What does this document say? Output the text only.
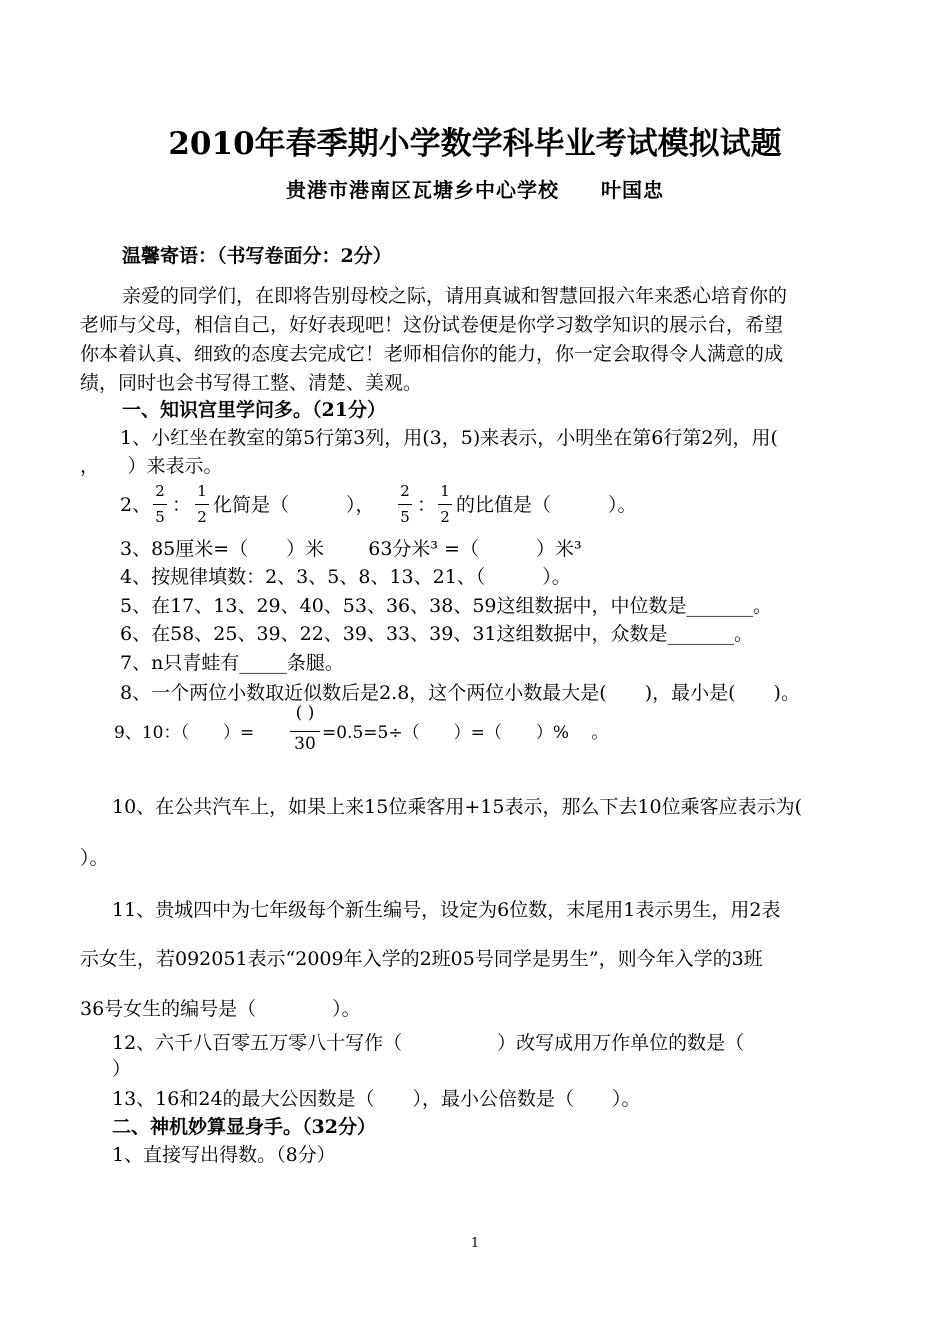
2010年春季期小学数学科毕业考试模拟试题
贵港市港南区瓦塘乡中心学校　　叶国忠
温馨寄语：（书写卷面分：2分）
亲爱的同学们，在即将告别母校之际，请用真诚和智慧回报六年来悉心培育你的
老师与父母，相信自己，好好表现吧！这份试卷便是你学习数学知识的展示台，希望
你本着认真、细致的态度去完成它！老师相信你的能力，你一定会取得令人满意的成
绩，同时也会书写得工整、清楚、美观。
一、知识宫里学问多。（21分）
1、小红坐在教室的第5行第3列，用(3，5)来表示，小明坐在第6行第2列，用(
，　　）来表示。
2、
2
5
：
1
2
化简是（　　　），
2
5
：
1
2
的比值是（　　　）。
3、85厘米=（　　）米　　 63分米³ =（　　　）米³
4、按规律填数：2、3、5、8、13、21、（　　　）。
5、在17、13、29、40、53、36、38、59这组数据中，中位数是_______。
6、在58、25、39、22、39、33、39、31这组数据中，众数是_______。
7、n只青蛙有_____条腿。
8、一个两位小数取近似数后是2.8，这个两位小数最大是(　　)，最小是(　　)。
9、10：（　　）=
( )
30
=0.5=5÷（　　）=（　　）%　 。
10、在公共汽车上，如果上来15位乘客用+15表示，那么下去10位乘客应表示为(
）。
11、贵城四中为七年级每个新生编号，设定为6位数，末尾用1表示男生，用2表
示女生，若092051表示“2009年入学的2班05号同学是男生”，则今年入学的3班
36号女生的编号是（　　　　）。
12、六千八百零五万零八十写作（　　　　　）改写成用万作单位的数是（
）
13、16和24的最大公因数是（　　），最小公倍数是（　　）。
二、神机妙算显身手。（32分）
1、直接写出得数。（8分）
1
